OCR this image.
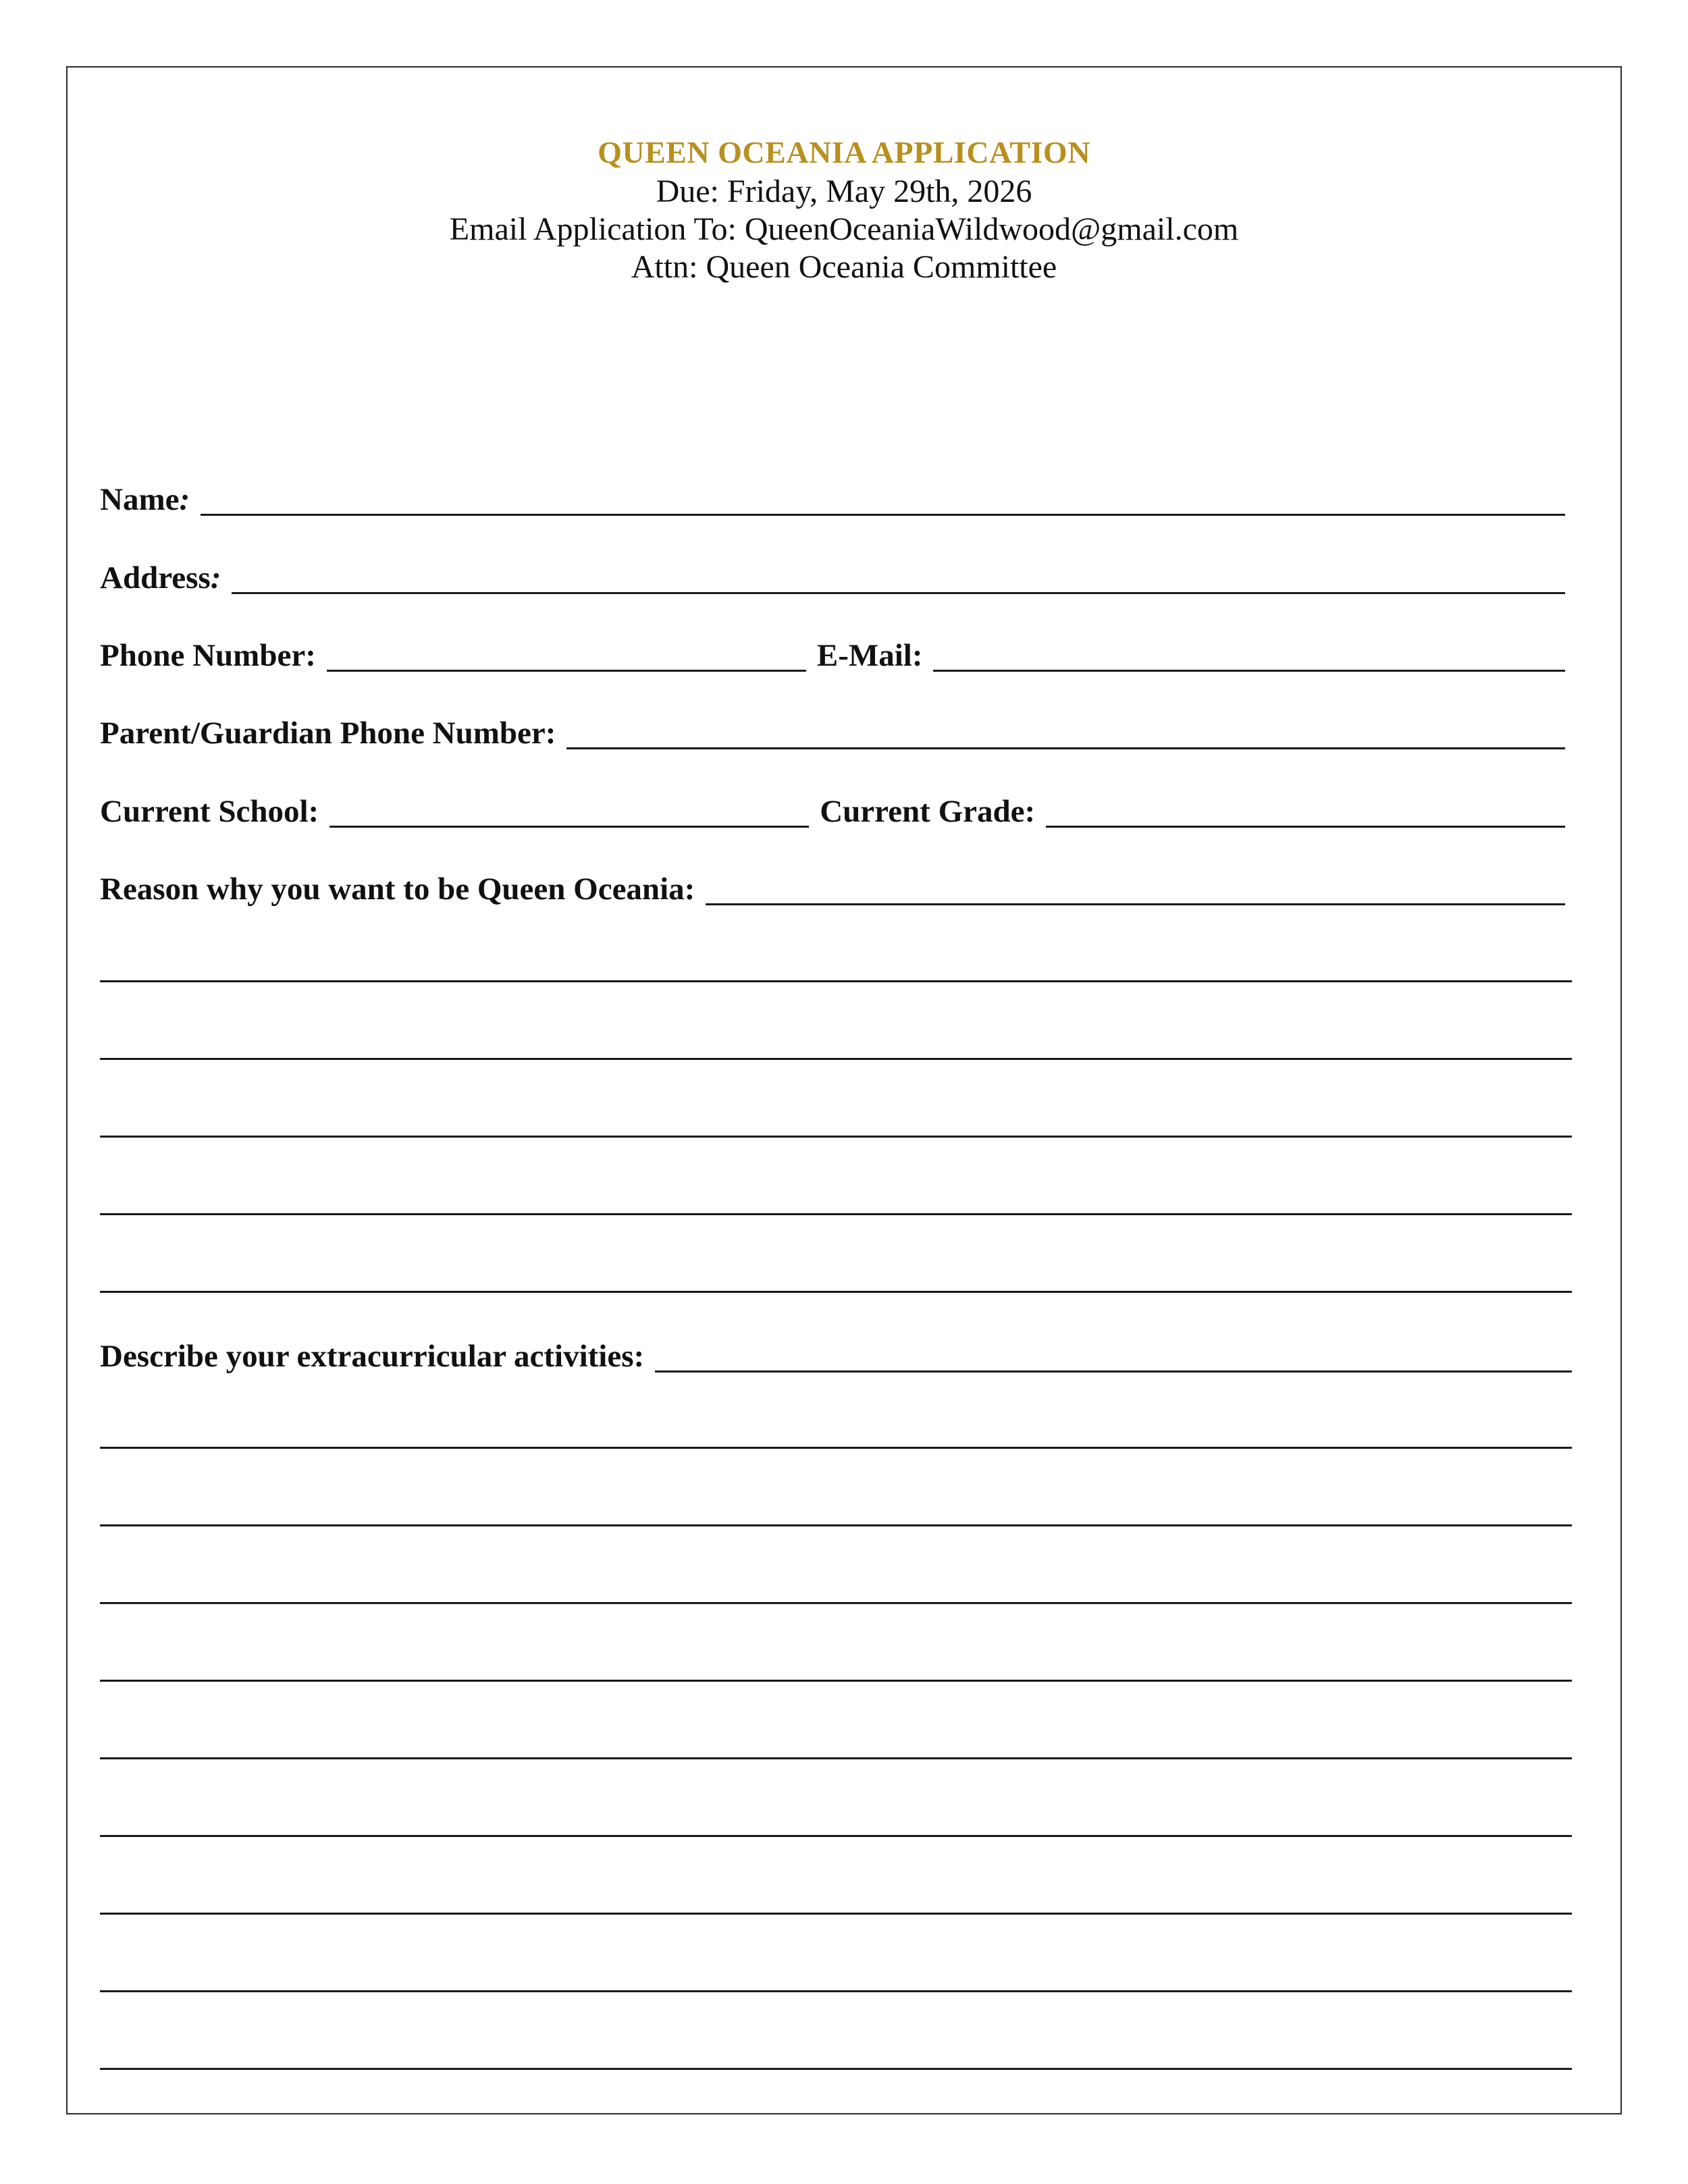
QUEEN OCEANIA APPLICATION
Due: Friday, May 29th, 2026
Email Application To: QueenOceaniaWildwood@gmail.com
Attn: Queen Oceania Committee
Name:
Address:
Phone Number:	E-Mail:
Parent/Guardian Phone Number:
Current School:	Current Grade:
Reason why you want to be Queen Oceania:
Describe your extracurricular activities:
